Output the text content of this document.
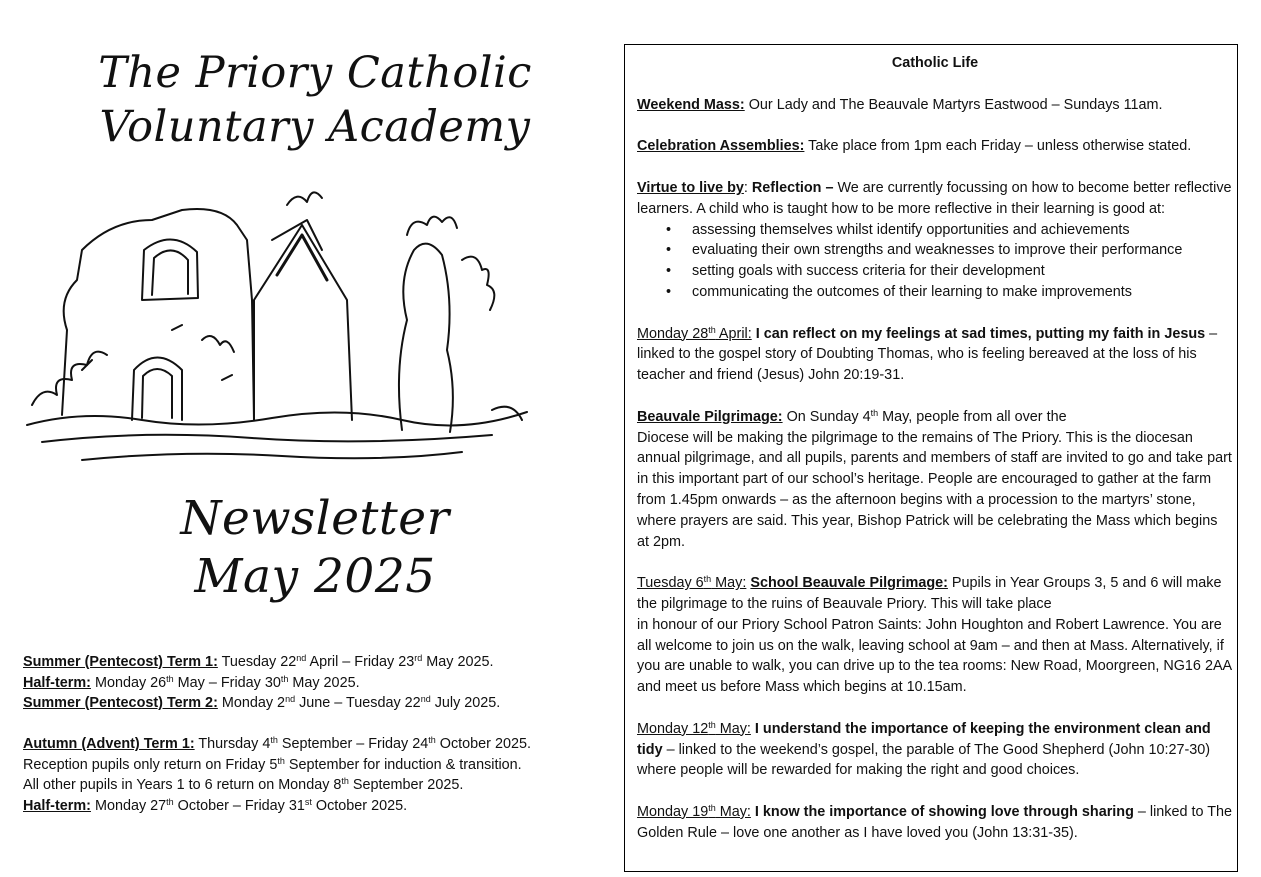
The Priory Catholic
Voluntary Academy
Newsletter
May 2025

Summer (Pentecost) Term 1: Tuesday 22nd April – Friday 23rd May 2025.

Half-term: Monday 26th May – Friday 30th May 2025.

Summer (Pentecost) Term 2: Monday 2nd June – Tuesday 22nd July 2025.

Autumn (Advent) Term 1: Thursday 4th September – Friday 24th October 2025.

Reception pupils only return on Friday 5th September for induction & transition.

All other pupils in Years 1 to 6 return on Monday 8th September 2025.

Half-term: Monday 27th October – Friday 31st October 2025.

Catholic Life

Weekend Mass: Our Lady and The Beauvale Martyrs Eastwood – Sundays 11am.

Celebration Assemblies: Take place from 1pm each Friday – unless otherwise stated.

Virtue to live by: Reflection – We are currently focussing on how to become better reflective learners. A child who is taught how to be more reflective in their learning is good at:

• assessing themselves whilst identify opportunities and achievements
• evaluating their own strengths and weaknesses to improve their performance
• setting goals with success criteria for their development
• communicating the outcomes of their learning to make improvements

Monday 28th April: I can reflect on my feelings at sad times, putting my faith in Jesus – linked to the gospel story of Doubting Thomas, who is feeling bereaved at the loss of his teacher and friend (Jesus) John 20:19-31.

Beauvale Pilgrimage: On Sunday 4th May, people from all over the

Diocese will be making the pilgrimage to the remains of The Priory. This is the diocesan annual pilgrimage, and all pupils, parents and members of staff are invited to go and take part in this important part of our school’s heritage. People are encouraged to gather at the farm from 1.45pm onwards – as the afternoon begins with a procession to the martyrs’ stone, where prayers are said. This year, Bishop Patrick will be celebrating the Mass which begins at 2pm.

Tuesday 6th May: School Beauvale Pilgrimage: Pupils in Year Groups 3, 5 and 6 will make the pilgrimage to the ruins of Beauvale Priory. This will take place

in honour of our Priory School Patron Saints: John Houghton and Robert Lawrence. You are all welcome to join us on the walk, leaving school at 9am – and then at Mass. Alternatively, if you are unable to walk, you can drive up to the tea rooms: New Road, Moorgreen, NG16 2AA and meet us before Mass which begins at 10.15am.

Monday 12th May: I understand the importance of keeping the environment clean and tidy – linked to the weekend’s gospel, the parable of The Good Shepherd (John 10:27-30) where people will be rewarded for making the right and good choices.

Monday 19th May: I know the importance of showing love through sharing – linked to The Golden Rule – love one another as I have loved you (John 13:31-35).
